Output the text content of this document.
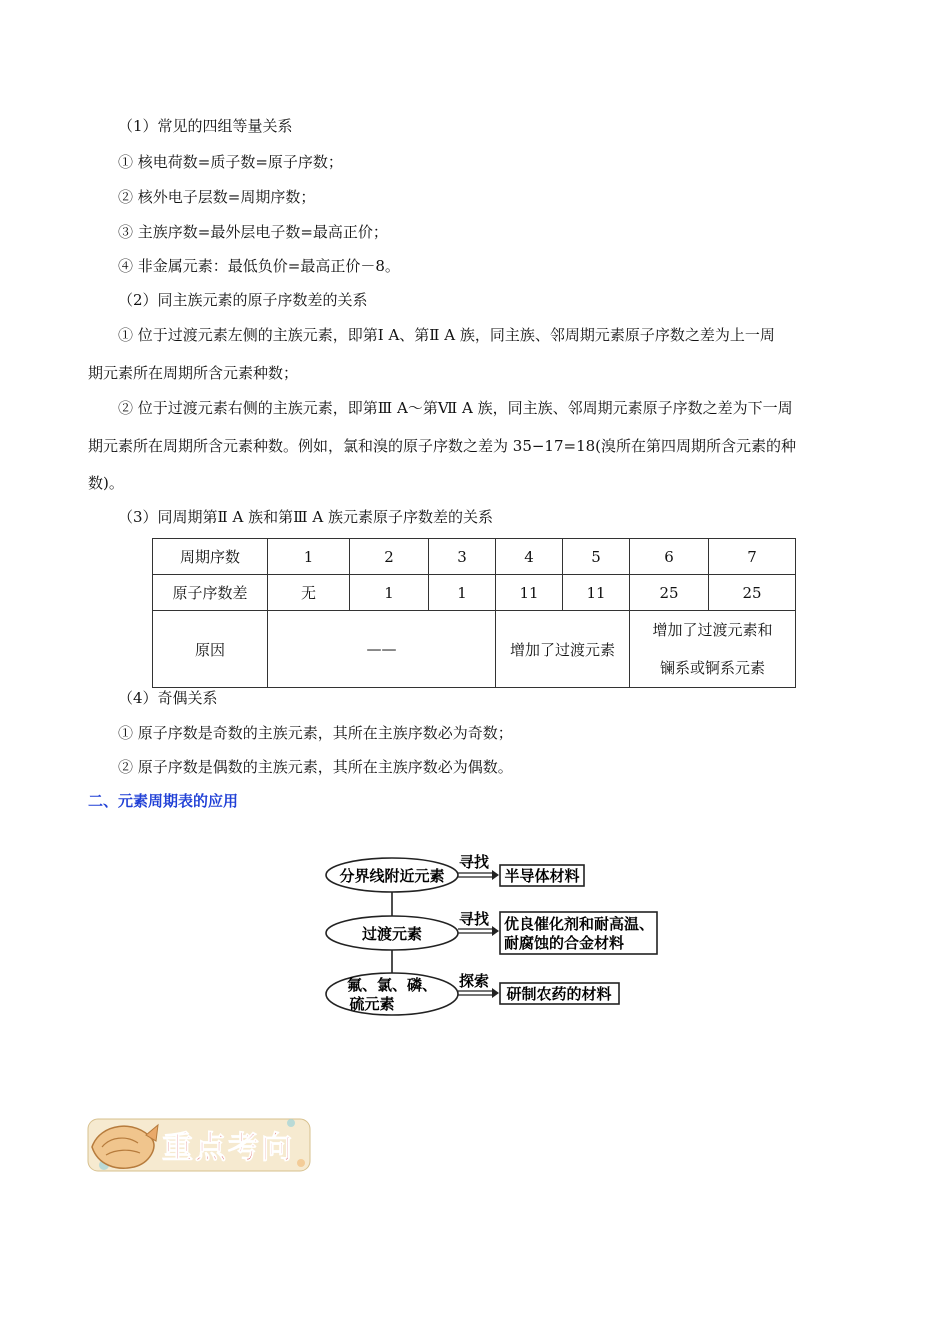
（1）常见的四组等量关系
① 核电荷数=质子数=原子序数；
② 核外电子层数=周期序数；
③ 主族序数=最外层电子数=最高正价；
④ 非金属元素：最低负价=最高正价－8。
（2）同主族元素的原子序数差的关系
① 位于过渡元素左侧的主族元素，即第Ⅰ A、第Ⅱ A 族，同主族、邻周期元素原子序数之差为上一周
期元素所在周期所含元素种数；
② 位于过渡元素右侧的主族元素，即第Ⅲ A～第Ⅶ A 族，同主族、邻周期元素原子序数之差为下一周
期元素所在周期所含元素种数。例如，氯和溴的原子序数之差为 35−17=18(溴所在第四周期所含元素的种
数)。
（3）同周期第Ⅱ A 族和第Ⅲ A 族元素原子序数差的关系
周期序数	1	2	3	4	5	6	7
原子序数差	无	1	1	11	11	25	25
原因	——			增加了过渡元素		增加了过渡元素和
镧系或锕系元素	
（4）奇偶关系
① 原子序数是奇数的主族元素，其所在主族序数必为奇数；
② 原子序数是偶数的主族元素，其所在主族序数必为偶数。
二、元素周期表的应用
分界线附近元素
过渡元素
氟、氯、磷、
硫元素
寻找
半导体材料
寻找 优良催化剂和耐高温、
耐腐蚀的合金材料
探索
研制农药的材料
重点考向
